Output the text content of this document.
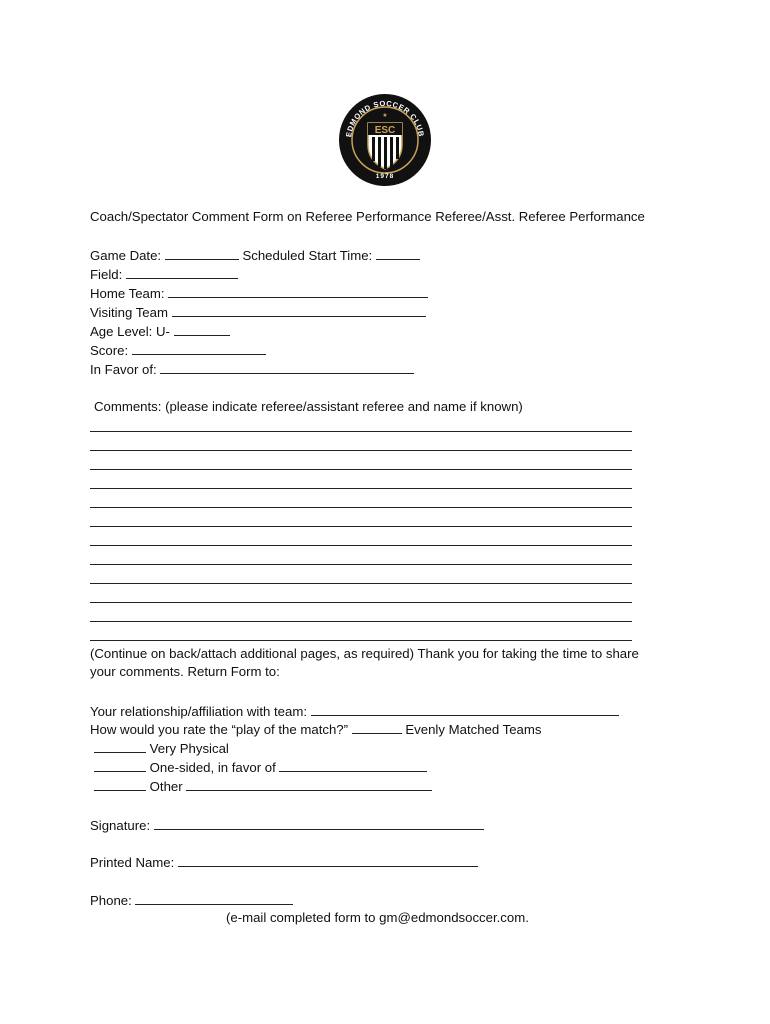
EDMOND SOCCER CLUB
ESC
★
1978
Coach/Spectator Comment Form on Referee Performance Referee/Asst. Referee Performance
Game Date:	Scheduled Start Time:
Field:
Home Team:
Visiting Team
Age Level: U-
Score:
In Favor of:
Comments: (please indicate referee/assistant referee and name if known)
(Continue on back/attach additional pages, as required) Thank you for taking the time to share
your comments. Return Form to:
Your relationship/affiliation with team:
How would you rate the “play of the match?”	Evenly Matched Teams
Very Physical
One-sided, in favor of
Other
Signature:
Printed Name:
Phone:
(e-mail completed form to gm@edmondsoccer.com.
